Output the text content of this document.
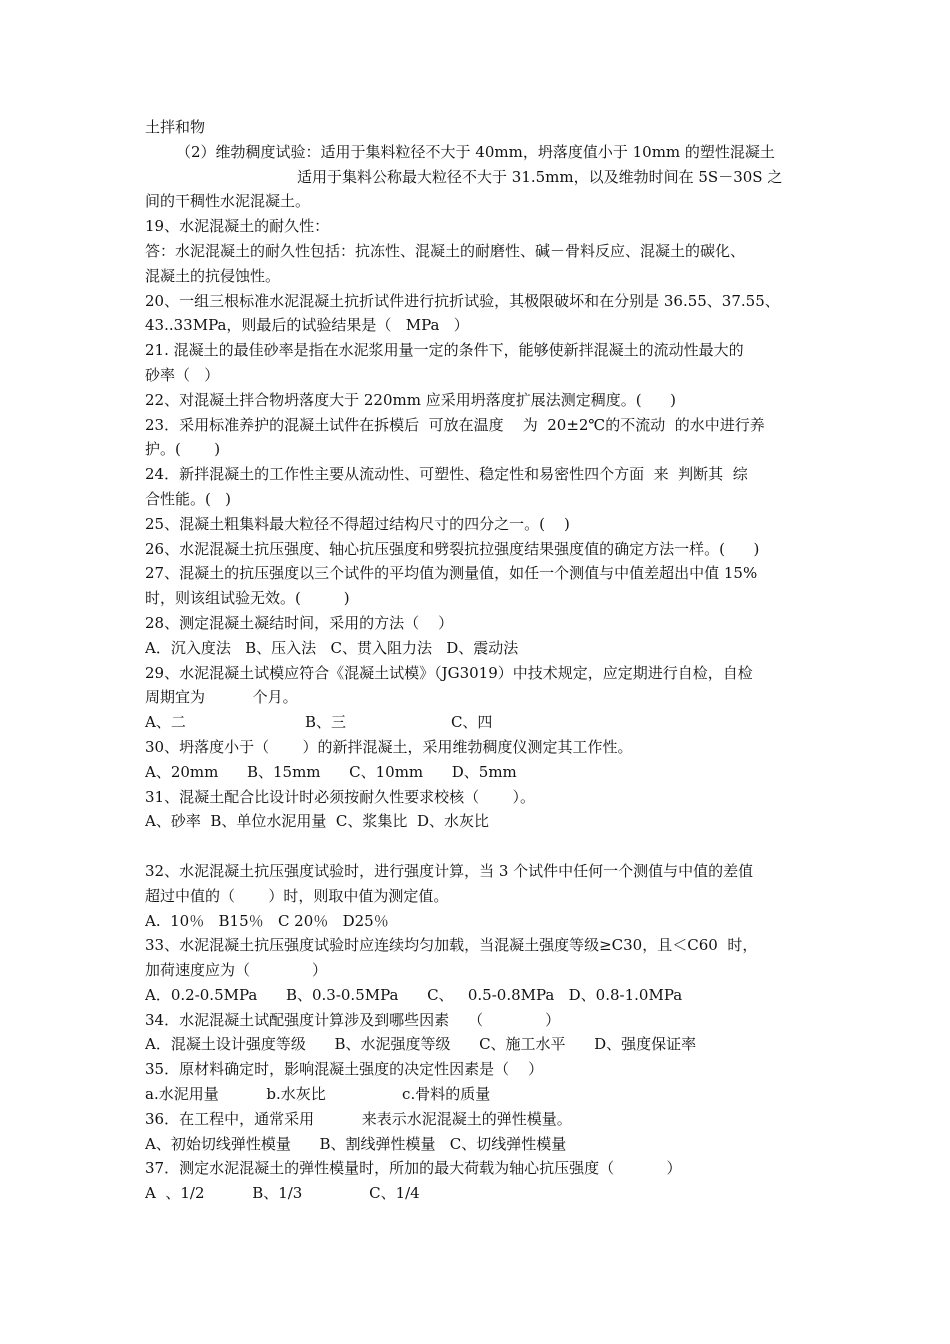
土拌和物
（2）维勃稠度试验：适用于集料粒径不大于 40mm，坍落度值小于 10mm 的塑性混凝土
适用于集料公称最大粒径不大于 31.5mm，以及维勃时间在 5S－30S 之
间的干稠性水泥混凝土。
19、水泥混凝土的耐久性：
答：水泥混凝土的耐久性包括：抗冻性、混凝土的耐磨性、碱－骨料反应、混凝土的碳化、
混凝土的抗侵蚀性。
20、一组三根标准水泥混凝土抗折试件进行抗折试验，其极限破坏和在分别是 36.55、37.55、
43..33MPa，则最后的试验结果是（   MPa   ）
21. 混凝土的最佳砂率是指在水泥浆用量一定的条件下，能够使新拌混凝土的流动性最大的
砂率（   ）
22、对混凝土拌合物坍落度大于 220mm 应采用坍落度扩展法测定稠度。(      )
23．采用标准养护的混凝土试件在拆模后  可放在温度    为  20±2℃的不流动  的水中进行养
护。(       )
24．新拌混凝土的工作性主要从流动性、可塑性、稳定性和易密性四个方面  来  判断其  综
合性能。(   )
25、混凝土粗集料最大粒径不得超过结构尺寸的四分之一。(    )
26、水泥混凝土抗压强度、轴心抗压强度和劈裂抗拉强度结果强度值的确定方法一样。(      )
27、混凝土的抗压强度以三个试件的平均值为测量值，如任一个测值与中值差超出中值 15%
时，则该组试验无效。(         )
28、测定混凝土凝结时间，采用的方法（    ）
A．沉入度法   B、压入法   C、贯入阻力法   D、震动法
29、水泥混凝土试模应符合《混凝土试模》（JG3019）中技术规定，应定期进行自检，自检
周期宜为          个月。
A、二                         B、三                      C、四
30、坍落度小于（       ）的新拌混凝土，采用维勃稠度仪测定其工作性。
A、20mm      B、15mm      C、10mm      D、5mm
31、混凝土配合比设计时必须按耐久性要求校核（       ）。
A、砂率  B、单位水泥用量  C、浆集比  D、水灰比
32、水泥混凝土抗压强度试验时，进行强度计算，当 3 个试件中任何一个测值与中值的差值
超过中值的（       ）时，则取中值为测定值。
A.  10％   B15％   C 20％   D25％
33、水泥混凝土抗压强度试验时应连续均匀加载，当混凝土强度等级≥C30，且＜C60  时，
加荷速度应为（             ）
A．0.2-0.5MPa      B、0.3-0.5MPa      C、   0.5-0.8MPa   D、0.8-1.0MPa
34．水泥混凝土试配强度计算涉及到哪些因素    （             ）
A．混凝土设计强度等级      B、水泥强度等级      C、施工水平      D、强度保证率
35．原材料确定时，影响混凝土强度的决定性因素是（    ）
a.水泥用量          b.水灰比                c.骨料的质量
36．在工程中，通常采用          来表示水泥混凝土的弹性模量。
A、初始切线弹性模量      B、割线弹性模量   C、切线弹性模量
37．测定水泥混凝土的弹性模量时，所加的最大荷载为轴心抗压强度（           ）
A  、1/2          B、1/3              C、1/4
